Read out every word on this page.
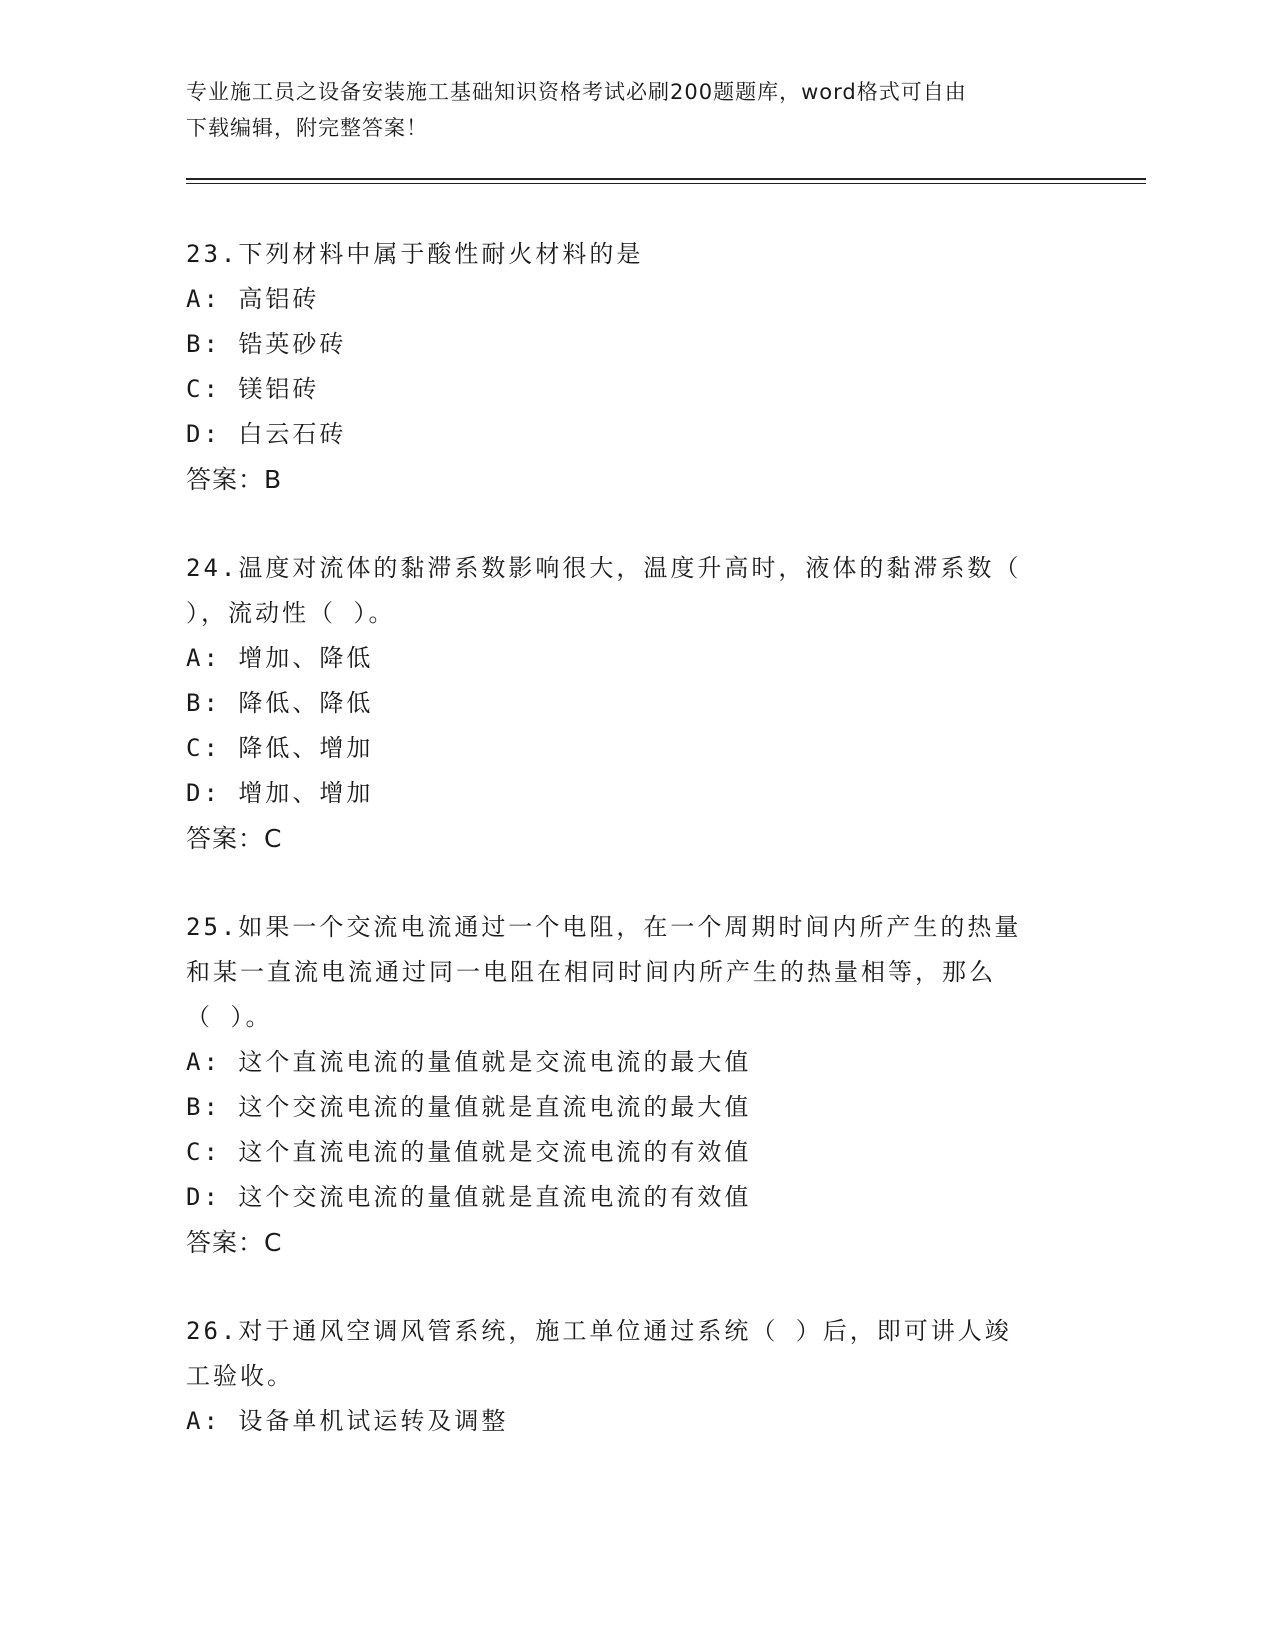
专业施工员之设备安装施工基础知识资格考试必刷200题题库，word格式可自由
下载编辑，附完整答案！

23.下列材料中属于酸性耐火材料的是

A: 高铝砖

B: 锆英砂砖

C: 镁铝砖

D: 白云石砖

答案：B

24.温度对流体的黏滞系数影响很大，温度升高时，液体的黏滞系数（

），流动性（ ）。

A: 增加、降低

B: 降低、降低

C: 降低、增加

D: 增加、增加

答案：C

25.如果一个交流电流通过一个电阻，在一个周期时间内所产生的热量

和某一直流电流通过同一电阻在相同时间内所产生的热量相等，那么

（ ）。

A: 这个直流电流的量值就是交流电流的最大值

B: 这个交流电流的量值就是直流电流的最大值

C: 这个直流电流的量值就是交流电流的有效值

D: 这个交流电流的量值就是直流电流的有效值

答案：C

26.对于通风空调风管系统，施工单位通过系统（ ）后，即可讲人竣

工验收。

A: 设备单机试运转及调整
